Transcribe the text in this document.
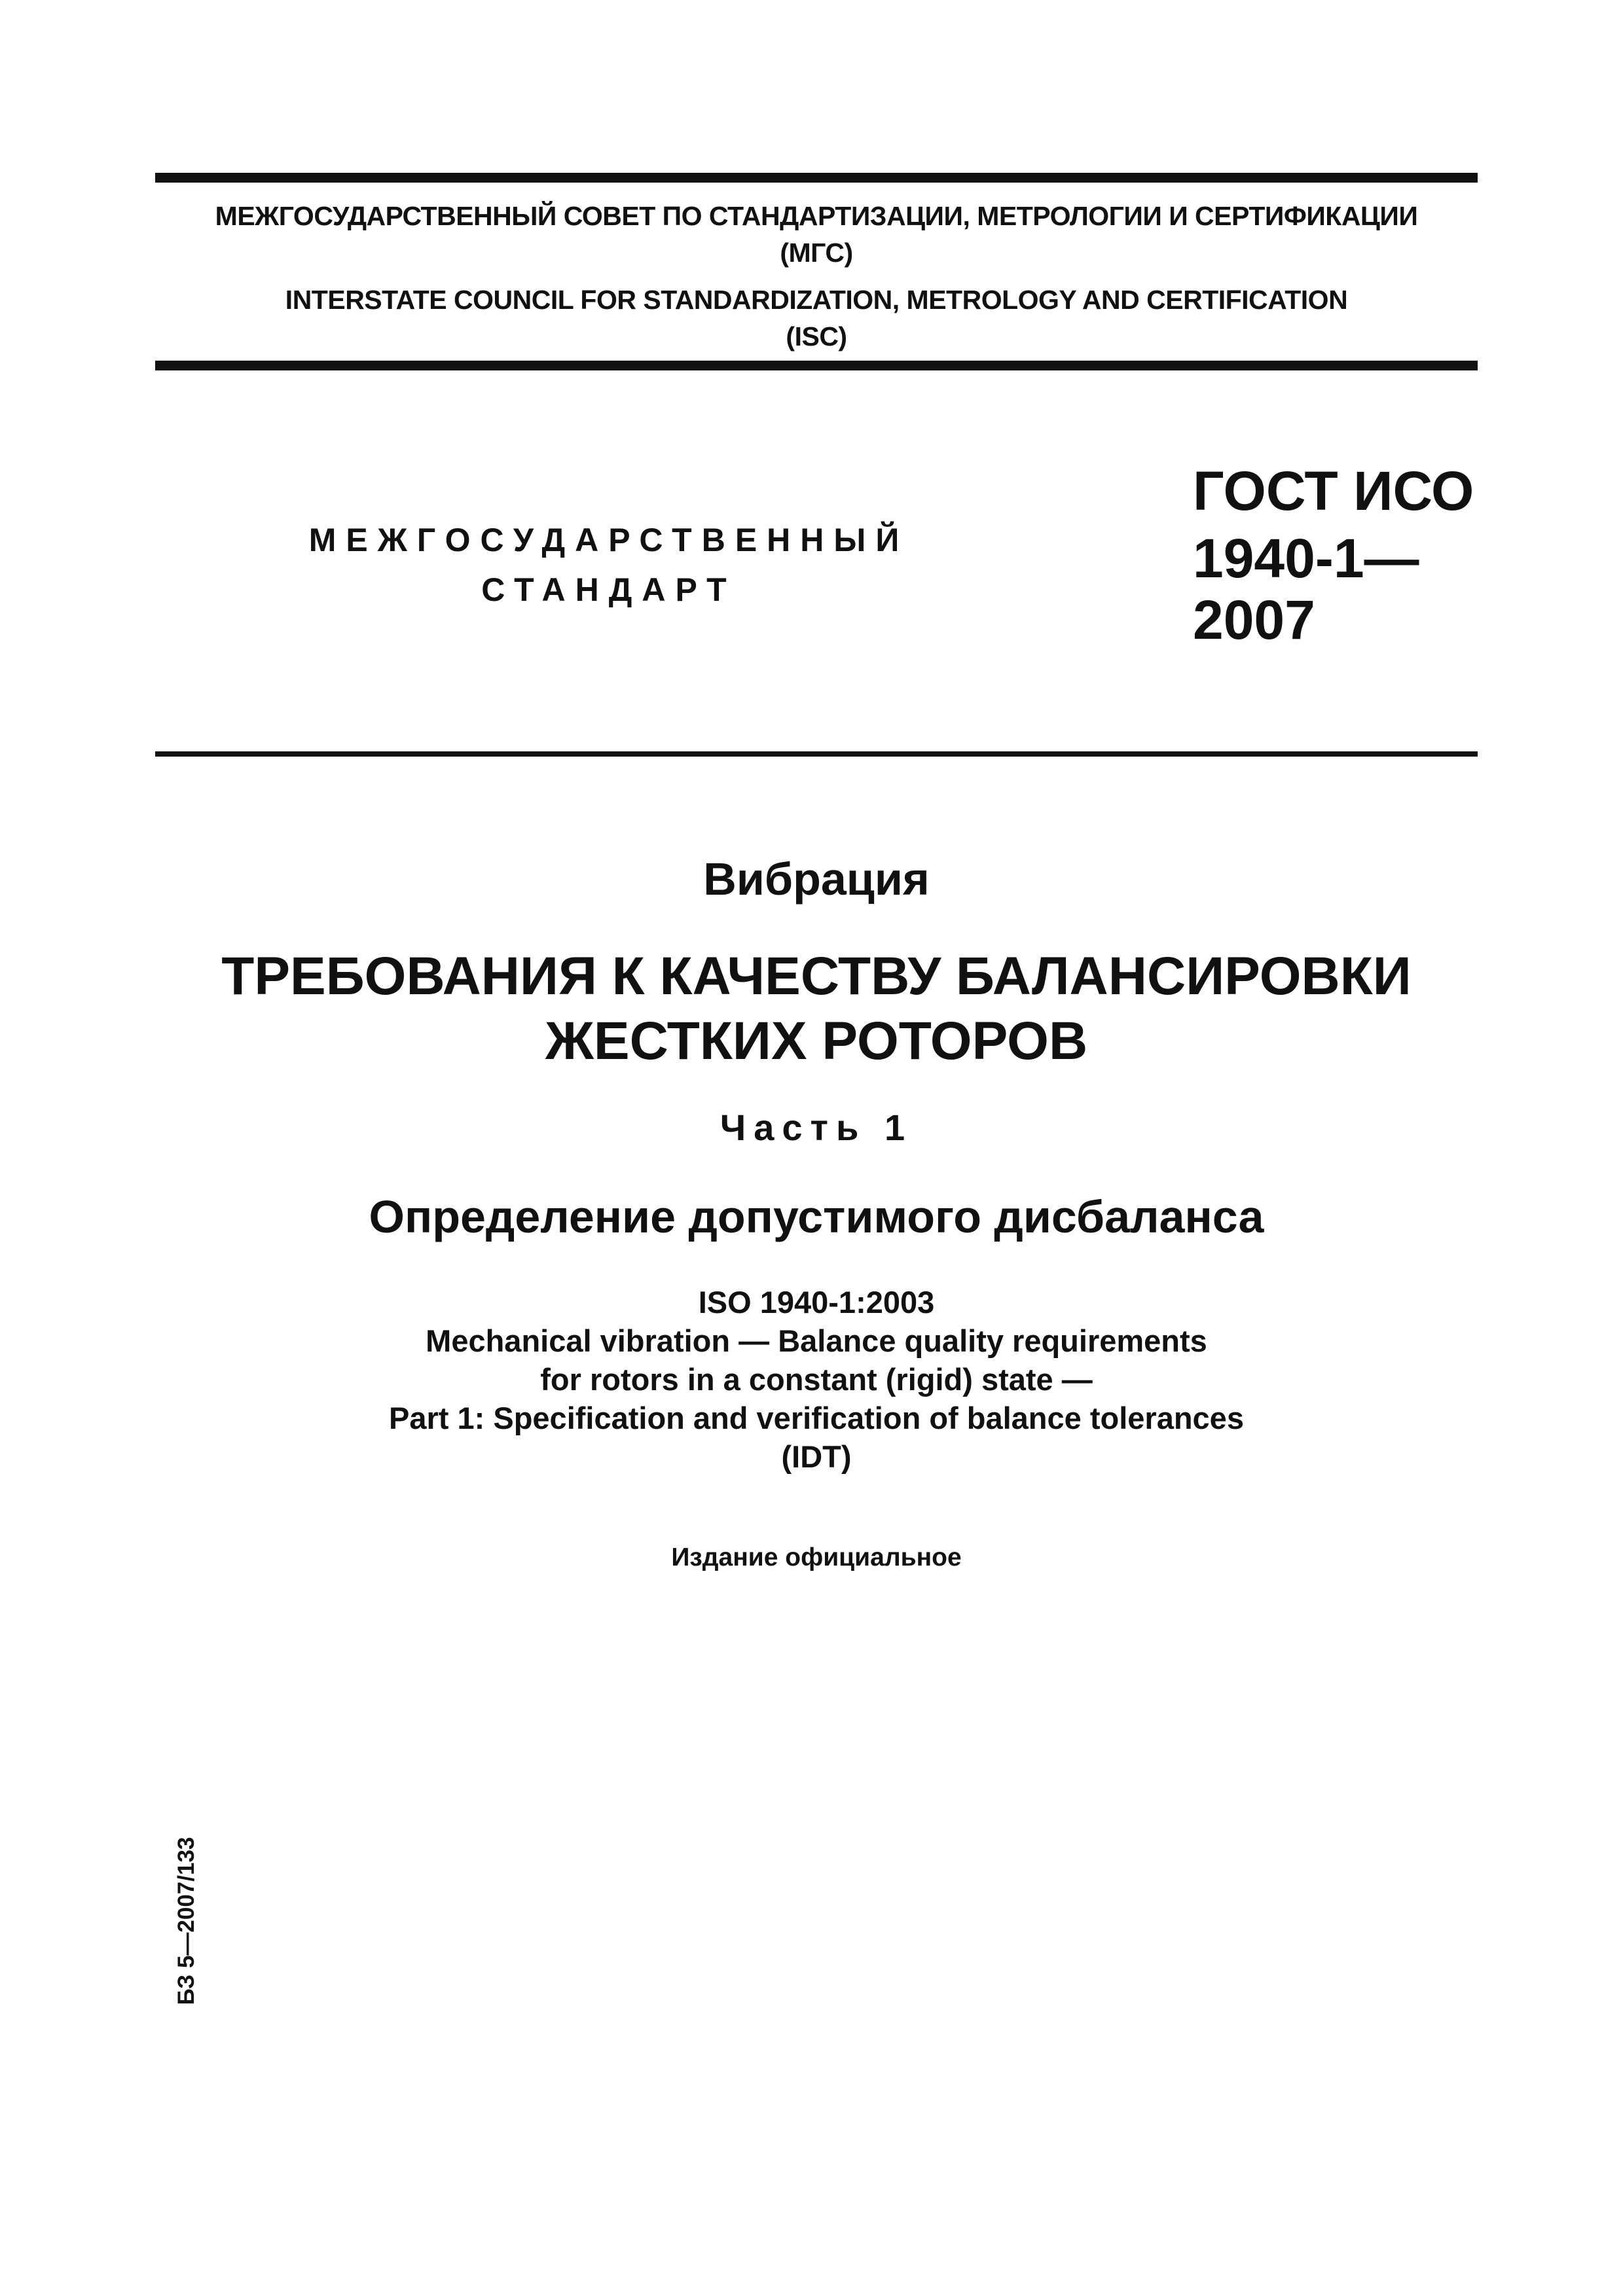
МЕЖГОСУДАРСТВЕННЫЙ СОВЕТ ПО СТАНДАРТИЗАЦИИ, МЕТРОЛОГИИ И СЕРТИФИКАЦИИ
(МГС)
INTERSTATE COUNCIL FOR STANDARDIZATION, METROLOGY AND CERTIFICATION
(ISC)
МЕЖГОСУДАРСТВЕННЫЙ
СТАНДАРТ
ГОСТ ИСО
1940-1—
2007
Вибрация
ТРЕБОВАНИЯ К КАЧЕСТВУ БАЛАНСИРОВКИ
ЖЕСТКИХ РОТОРОВ
Часть 1
Определение допустимого дисбаланса
ISO 1940-1:2003
Mechanical vibration — Balance quality requirements
for rotors in a constant (rigid) state —
Part 1: Specification and verification of balance tolerances
(IDT)
Издание официальное
БЗ 5—2007/133
